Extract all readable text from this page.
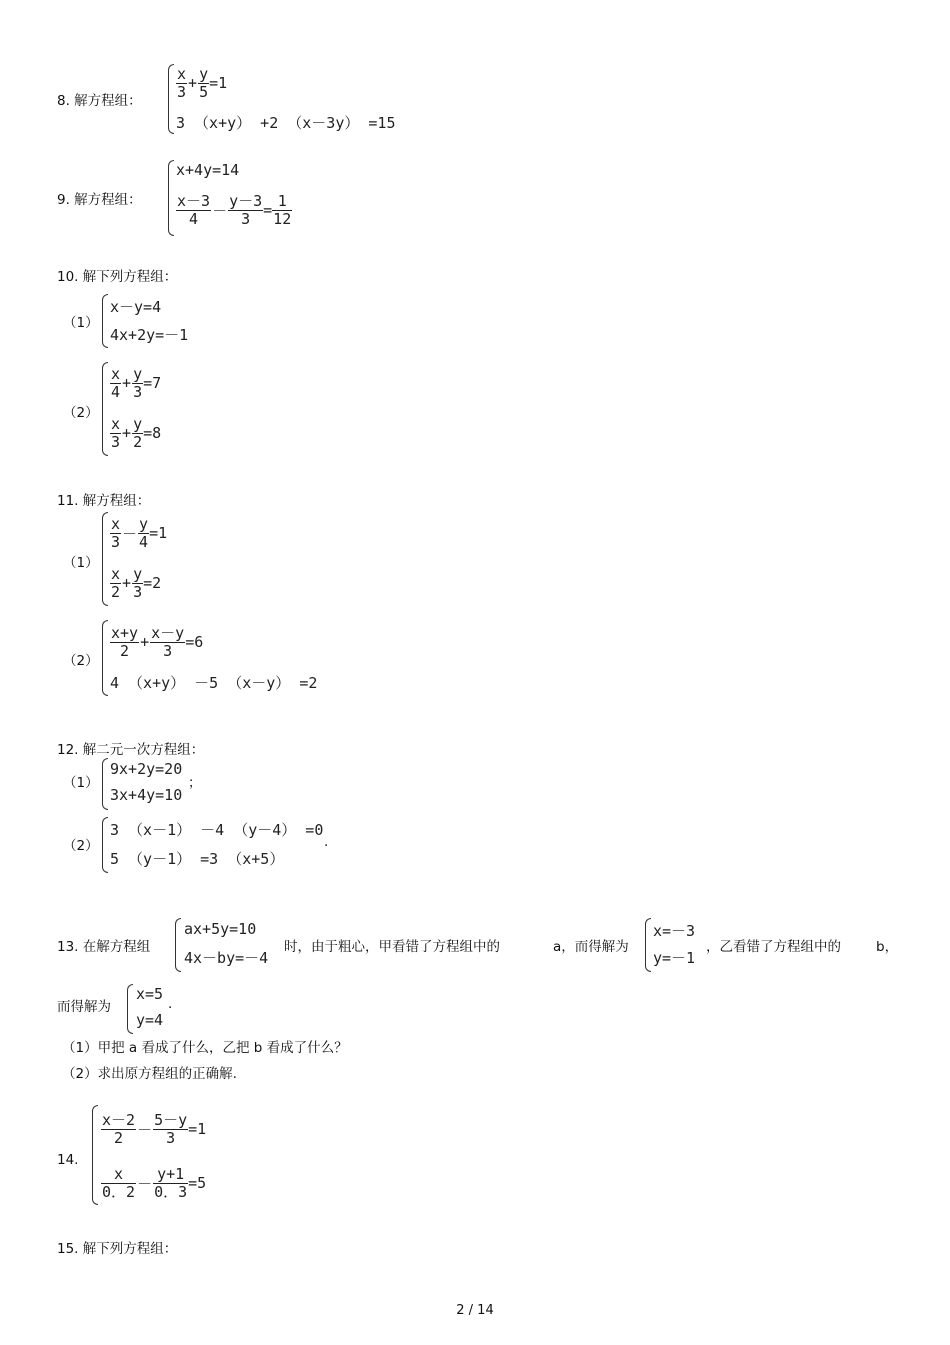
8. 解方程组：
$\frac{x}{3} + \frac{y}{5} =1$
3 （x+y） +2 （x－3y） =15
9. 解方程组：
x+4y=14
$\frac{x-3}{4} - \frac{y-3}{3} = \frac{1}{12}$
10. 解下列方程组：
（1）
x－y=4
4x+2y=－1
（2）
$\frac{x}{4} + \frac{y}{3} =7$
$\frac{x}{3} + \frac{y}{2} =8$
11. 解方程组：
（1）
$\frac{x}{3} - \frac{y}{4} =1$
$\frac{x}{2} + \frac{y}{3} =2$
（2）
$\frac{x+y}{2} + \frac{x-y}{3} =6$
4 （x+y） －5 （x－y） =2
12. 解二元一次方程组：
（1）
9x+2y=20
3x+4y=10
；
（2）
3 （x－1） －4 （y－4） =0
5 （y－1） =3 （x+5）
.
13. 在解方程组
ax+5y=10
4x－by=－4
时，由于粗心，甲看错了方程组中的	a，而得解为
x=－3
y=－1
，乙看错了方程组中的	b，
而得解为
x=5
y=4
.
（1）甲把 a 看成了什么，乙把 b 看成了什么？
（2）求出原方程组的正确解.
14.
$\frac{x-2}{2} - \frac{5-y}{3} =1$
$\frac{x}{0.2} - \frac{y+1}{0.3} =5$
15. 解下列方程组：
2 / 14
